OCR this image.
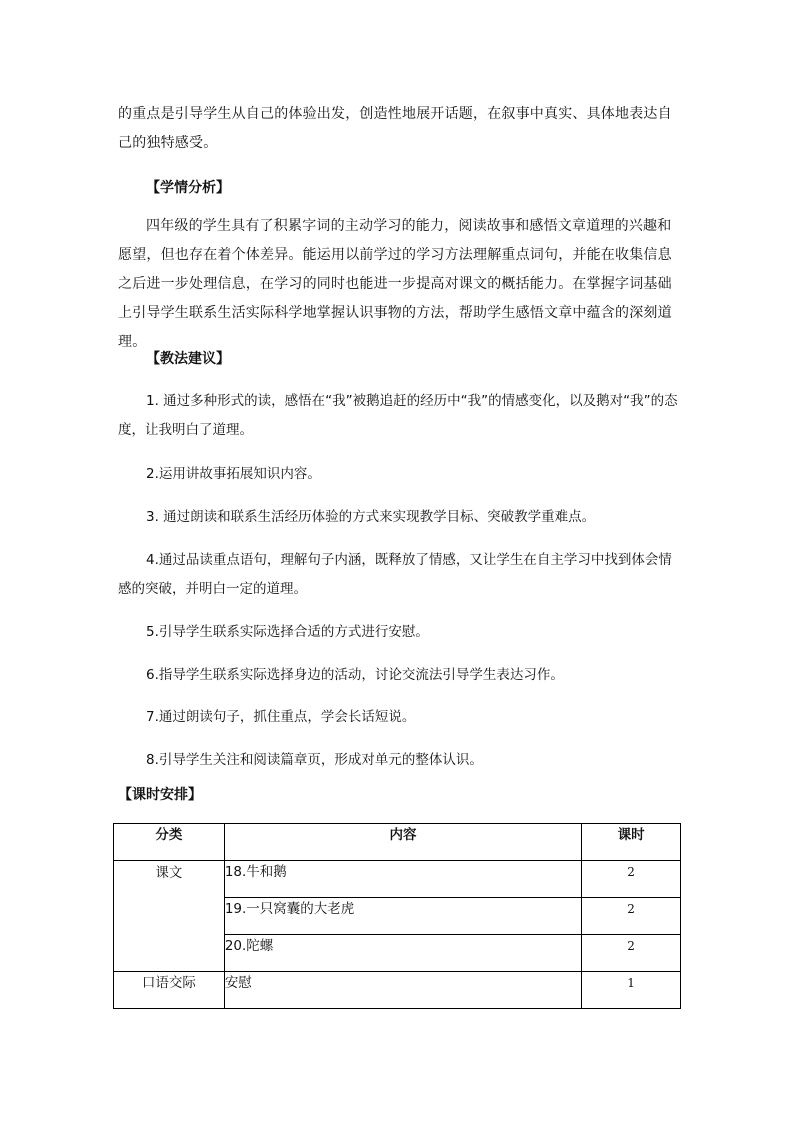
的重点是引导学生从自己的体验出发，创造性地展开话题，在叙事中真实、具体地表达自己的独特感受。
【学情分析】
四年级的学生具有了积累字词的主动学习的能力，阅读故事和感悟文章道理的兴趣和愿望，但也存在着个体差异。能运用以前学过的学习方法理解重点词句，并能在收集信息之后进一步处理信息，在学习的同时也能进一步提高对课文的概括能力。在掌握字词基础上引导学生联系生活实际科学地掌握认识事物的方法，帮助学生感悟文章中蕴含的深刻道理。
【教法建议】
1. 通过多种形式的读，感悟在“我”被鹅追赶的经历中“我”的情感变化，以及鹅对“我”的态度，让我明白了道理。
2.运用讲故事拓展知识内容。
3. 通过朗读和联系生活经历体验的方式来实现教学目标、突破教学重难点。
4.通过品读重点语句，理解句子内涵，既释放了情感，又让学生在自主学习中找到体会情感的突破，并明白一定的道理。
5.引导学生联系实际选择合适的方式进行安慰。
6.指导学生联系实际选择身边的活动，讨论交流法引导学生表达习作。
7.通过朗读句子，抓住重点，学会长话短说。
8.引导学生关注和阅读篇章页，形成对单元的整体认识。
【课时安排】
分类	内容	课时
课文	18.牛和鹅	2
	19.一只窝囊的大老虎	2
	20.陀螺	2
口语交际	安慰	1
